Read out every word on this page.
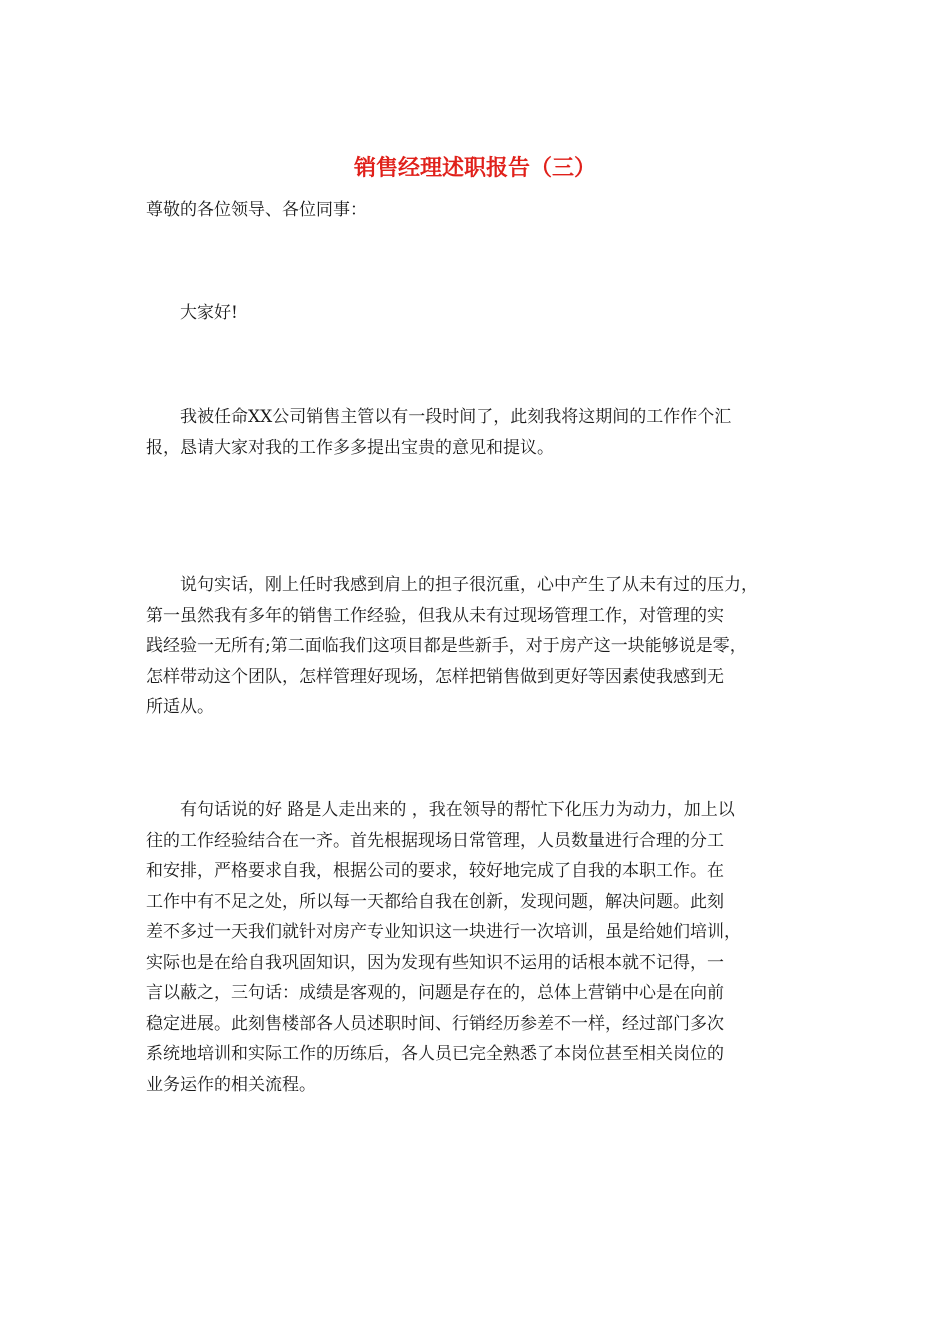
销售经理述职报告（三）
尊敬的各位领导、各位同事：

大家好!

我被任命XX公司销售主管以有一段时间了，此刻我将这期间的工作作个汇
报，恳请大家对我的工作多多提出宝贵的意见和提议。
说句实话，刚上任时我感到肩上的担子很沉重，心中产生了从未有过的压力，
第一虽然我有多年的销售工作经验，但我从未有过现场管理工作，对管理的实
践经验一无所有;第二面临我们这项目都是些新手，对于房产这一块能够说是零，
怎样带动这个团队，怎样管理好现场，怎样把销售做到更好等因素使我感到无
所适从。
有句话说的好 路是人走出来的 ，我在领导的帮忙下化压力为动力，加上以
往的工作经验结合在一齐。首先根据现场日常管理，人员数量进行合理的分工
和安排，严格要求自我，根据公司的要求，较好地完成了自我的本职工作。在
工作中有不足之处，所以每一天都给自我在创新，发现问题，解决问题。此刻
差不多过一天我们就针对房产专业知识这一块进行一次培训，虽是给她们培训，
实际也是在给自我巩固知识，因为发现有些知识不运用的话根本就不记得，一
言以蔽之，三句话：成绩是客观的，问题是存在的，总体上营销中心是在向前
稳定进展。此刻售楼部各人员述职时间、行销经历参差不一样，经过部门多次
系统地培训和实际工作的历练后，各人员已完全熟悉了本岗位甚至相关岗位的
业务运作的相关流程。
